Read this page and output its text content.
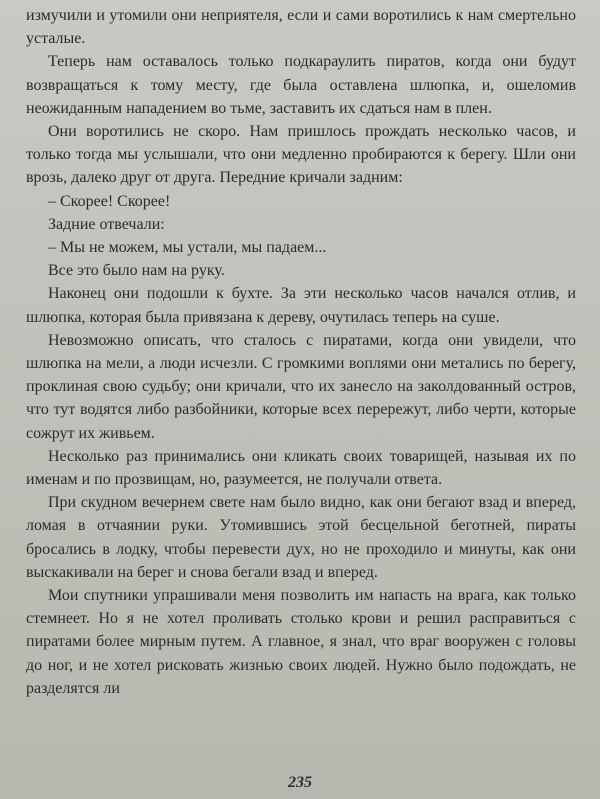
измучили и утомили они неприятеля, если и сами воротились к нам смертельно усталые.

Теперь нам оставалось только подкараулить пиратов, когда они будут возвращаться к тому месту, где была оставлена шлюпка, и, ошеломив неожиданным нападением во тьме, заставить их сдаться нам в плен.

Они воротились не скоро. Нам пришлось прождать несколько часов, и только тогда мы услышали, что они медленно пробираются к берегу. Шли они врозь, далеко друг от друга. Передние кричали задним:

– Скорее! Скорее!

Задние отвечали:

– Мы не можем, мы устали, мы падаем...

Все это было нам на руку.

Наконец они подошли к бухте. За эти несколько часов начался отлив, и шлюпка, которая была привязана к дереву, очутилась теперь на суше.

Невозможно описать, что сталось с пиратами, когда они увидели, что шлюпка на мели, а люди исчезли. С громкими воплями они метались по берегу, проклиная свою судьбу; они кричали, что их занесло на заколдованный остров, что тут водятся либо разбойники, которые всех перережут, либо черти, которые сожрут их живьем.

Несколько раз принимались они кликать своих товарищей, называя их по именам и по прозвищам, но, разумеется, не получали ответа.

При скудном вечернем свете нам было видно, как они бегают взад и вперед, ломая в отчаянии руки. Утомившись этой бесцельной беготней, пираты бросались в лодку, чтобы перевести дух, но не проходило и минуты, как они выскакивали на берег и снова бегали взад и вперед.

Мои спутники упрашивали меня позволить им напасть на врага, как только стемнеет. Но я не хотел проливать столько крови и решил расправиться с пиратами более мирным путем. А главное, я знал, что враг вооружен с головы до ног, и не хотел рисковать жизнью своих людей. Нужно было подождать, не разделятся ли

235
